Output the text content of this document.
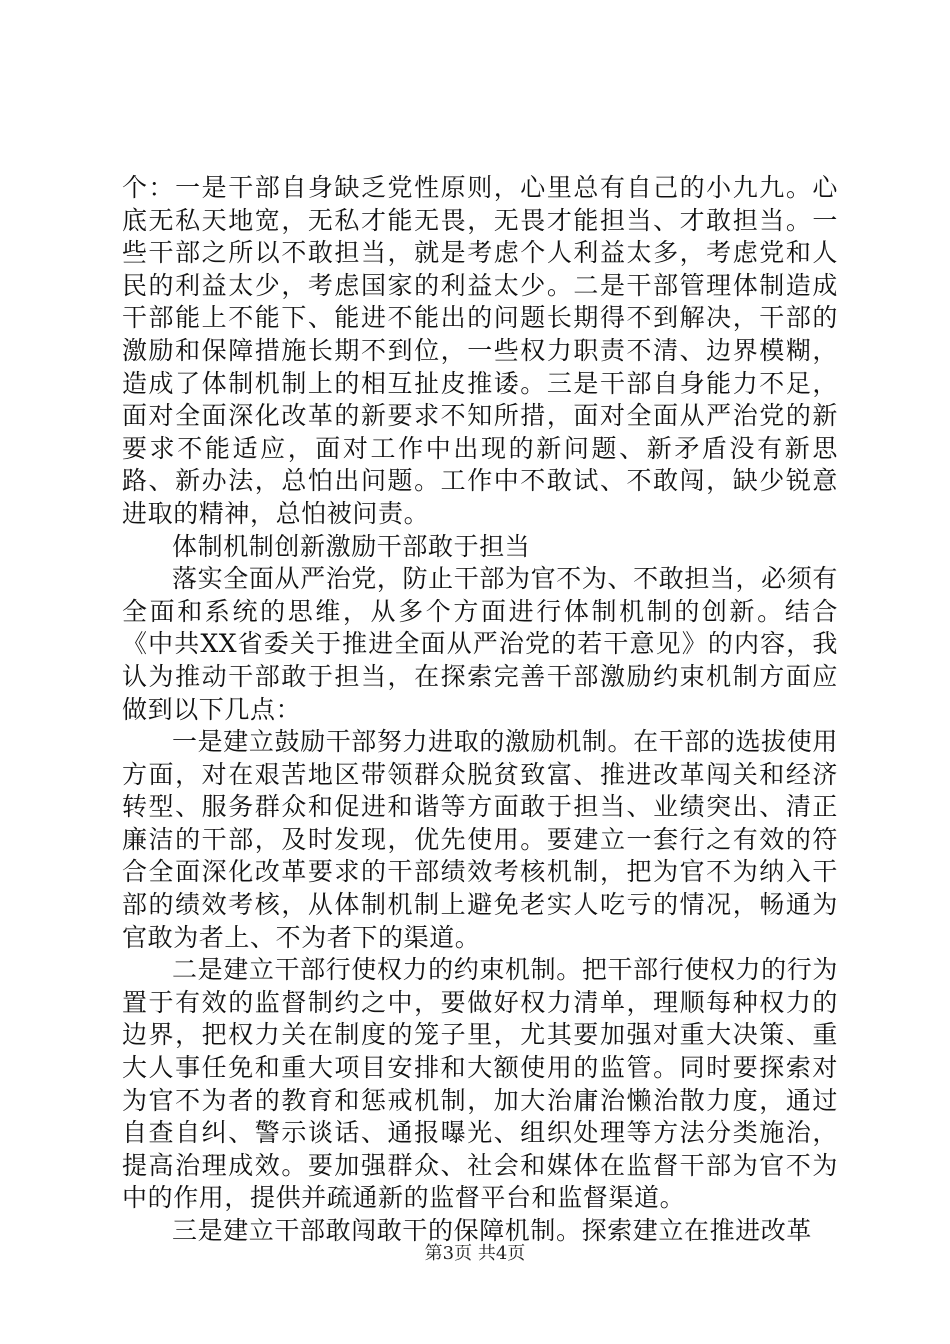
个：一是干部自身缺乏党性原则，心里总有自己的小九九。心底无私天地宽，无私才能无畏，无畏才能担当、才敢担当。一些干部之所以不敢担当，就是考虑个人利益太多，考虑党和人民的利益太少，考虑国家的利益太少。二是干部管理体制造成干部能上不能下、能进不能出的问题长期得不到解决，干部的激励和保障措施长期不到位，一些权力职责不清、边界模糊，造成了体制机制上的相互扯皮推诿。三是干部自身能力不足，面对全面深化改革的新要求不知所措，面对全面从严治党的新要求不能适应，面对工作中出现的新问题、新矛盾没有新思路、新办法，总怕出问题。工作中不敢试、不敢闯，缺少锐意进取的精神，总怕被问责。

体制机制创新激励干部敢于担当

落实全面从严治党，防止干部为官不为、不敢担当，必须有全面和系统的思维，从多个方面进行体制机制的创新。结合《中共XX省委关于推进全面从严治党的若干意见》的内容，我认为推动干部敢于担当，在探索完善干部激励约束机制方面应做到以下几点：

一是建立鼓励干部努力进取的激励机制。在干部的选拔使用方面，对在艰苦地区带领群众脱贫致富、推进改革闯关和经济转型、服务群众和促进和谐等方面敢于担当、业绩突出、清正廉洁的干部，及时发现，优先使用。要建立一套行之有效的符合全面深化改革要求的干部绩效考核机制，把为官不为纳入干部的绩效考核，从体制机制上避免老实人吃亏的情况，畅通为官敢为者上、不为者下的渠道。

二是建立干部行使权力的约束机制。把干部行使权力的行为置于有效的监督制约之中，要做好权力清单，理顺每种权力的边界，把权力关在制度的笼子里，尤其要加强对重大决策、重大人事任免和重大项目安排和大额使用的监管。同时要探索对为官不为者的教育和惩戒机制，加大治庸治懒治散力度，通过自查自纠、警示谈话、通报曝光、组织处理等方法分类施治，提高治理成效。要加强群众、社会和媒体在监督干部为官不为中的作用，提供并疏通新的监督平台和监督渠道。

三是建立干部敢闯敢干的保障机制。探索建立在推进改革

第3页 共4页
